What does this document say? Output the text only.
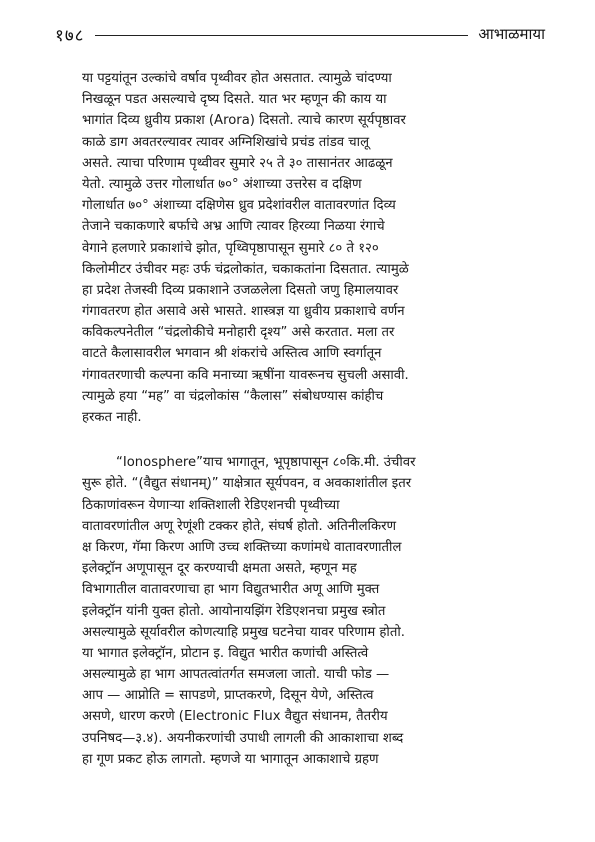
१७८	आभाळमाया

या पट्टयांतून उल्कांचे वर्षाव पृथ्वीवर होत असतात. त्यामुळे चांदण्या
निखळून पडत असल्याचे दृष्य दिसते. यात भर म्हणून की काय या
भागांत दिव्य ध्रुवीय प्रकाश (Arora) दिसतो. त्याचे कारण सूर्यपृष्ठावर
काळे डाग अवतरल्यावर त्यावर अग्निशिखांचे प्रचंड तांडव चालू
असते. त्याचा परिणाम पृथ्वीवर सुमारे २५ ते ३० तासानंतर आढळून
येतो. त्यामुळे उत्तर गोलार्धात ७०° अंशाच्या उत्तरेस व दक्षिण
गोलार्धात ७०° अंशाच्या दक्षिणेस ध्रुव प्रदेशांवरील वातावरणांत दिव्य
तेजाने चकाकणारे बर्फाचे अभ्र आणि त्यावर हिरव्या निळया रंगाचे
वेगाने हलणारे प्रकाशांचे झोत, पृथ्विपृष्ठापासून सुमारे ८० ते १२०
किलोमीटर उंचीवर महः उर्फ चंद्रलोकांत, चकाकतांना दिसतात. त्यामुळे
हा प्रदेश तेजस्वी दिव्य प्रकाशाने उजळलेला दिसतो जणु हिमालयावर
गंगावतरण होत असावे असे भासते. शास्त्रज्ञ या ध्रुवीय प्रकाशाचे वर्णन
कविकल्पनेतील “चंद्रलोकीचे मनोहारी दृश्य” असे करतात. मला तर
वाटते कैलासावरील भगवान श्री शंकरांचे अस्तित्व आणि स्वर्गातून
गंगावतरणाची कल्पना कवि मनाच्या ऋषींना यावरूनच सुचली असावी.
त्यामुळे हया “मह” वा चंद्रलोकांस “कैलास” संबोधण्यास कांहीच
हरकत नाही.

“Ionosphere”याच भागातून, भूपृष्ठापासून ८०कि.मी. उंचीवर
सुरू होते. “(वैद्युत संधानम्)” याक्षेत्रात सूर्यपवन, व अवकाशांतील इतर
ठिकाणांवरून येणाऱ्या शक्तिशाली रेडिएशनची पृथ्वीच्या
वातावरणांतील अणू रेणूंशी टक्कर होते, संघर्ष होतो. अतिनीलकिरण
क्ष किरण, गॅमा किरण आणि उच्च शक्तिच्या कणांमधे वातावरणातील
इलेक्ट्रॉन अणूपासून दूर करण्याची क्षमता असते, म्हणून मह
विभागातील वातावरणाचा हा भाग विद्युतभारीत अणू आणि मुक्त
इलेक्ट्रॉन यांनी युक्त होतो. आयोनायझिंग रेडिएशनचा प्रमुख स्त्रोत
असल्यामुळे सूर्यावरील कोणत्याहि प्रमुख घटनेचा यावर परिणाम होतो.
या भागात इलेक्ट्रॉन, प्रोटान इ. विद्युत भारीत कणांची अस्तित्वे
असल्यामुळे हा भाग आपतत्वांतर्गत समजला जातो. याची फोड —
आप — आप्नोति = सापडणे, प्राप्तकरणे, दिसून येणे, अस्तित्व
असणे, धारण करणे (Electronic Flux वैद्युत संधानम, तैतरीय
उपनिषद—३.४). अयनीकरणांची उपाधी लागली की आकाशाचा शब्द
हा गूण प्रकट होऊ लागतो. म्हणजे या भागातून आकाशाचे ग्रहण
